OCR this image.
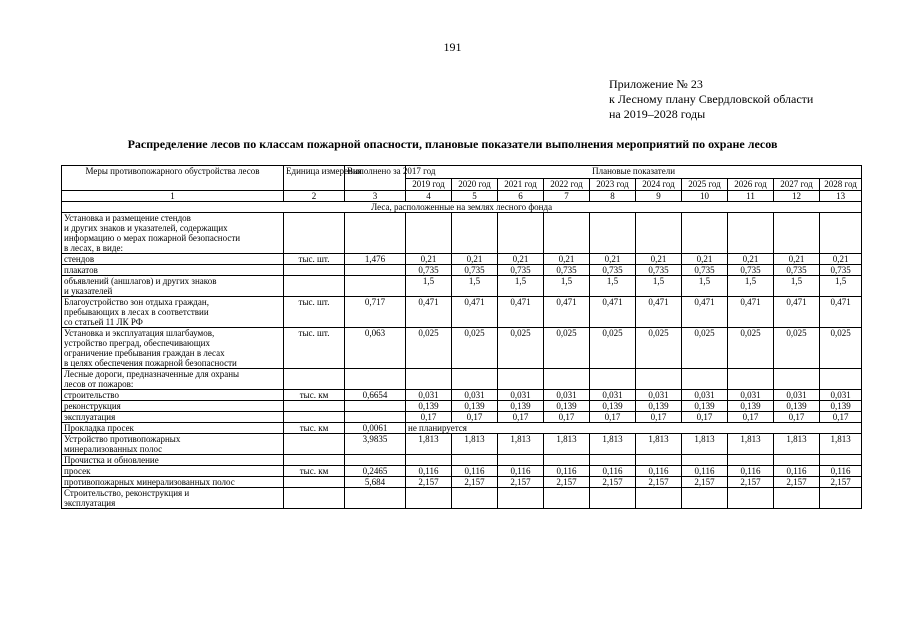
191
Приложение № 23
к Лесному плану Свердловской области
на 2019–2028 годы
Распределение лесов по классам пожарной опасности, плановые показатели выполнения мероприятий по охране лесов
Меры противопожарного обустройства лесов	Единица измерения	Выполнено за 2017 год	Плановые показатели									
			2019 год	2020 год	2021 год	2022 год	2023 год	2024 год	2025 год	2026 год	2027 год	2028 год
1	2	3	4	5	6	7	8	9	10	11	12	13
Леса, расположенные на землях лесного фонда												

Установка и размещение стендов
и других знаков и указателей, содержащих
информацию о мерах пожарной безопасности
в лесах, в виде:												

стендов	тыс. шт.	1,476	0,21	0,21	0,21	0,21	0,21	0,21	0,21	0,21	0,21	0,21

плакатов			0,735	0,735	0,735	0,735	0,735	0,735	0,735	0,735	0,735	0,735

объявлений (аншлагов) и других знаков
и указателей			1,5	1,5	1,5	1,5	1,5	1,5	1,5	1,5	1,5	1,5

Благоустройство зон отдыха граждан,
пребывающих в лесах в соответствии
со статьей 11 ЛК РФ	тыс. шт.	0,717	0,471	0,471	0,471	0,471	0,471	0,471	0,471	0,471	0,471	0,471

Установка и эксплуатация шлагбаумов,
устройство преград, обеспечивающих
ограничение пребывания граждан в лесах
в целях обеспечения пожарной безопасности	тыс. шт.	0,063	0,025	0,025	0,025	0,025	0,025	0,025	0,025	0,025	0,025	0,025

Лесные дороги, предназначенные для охраны
лесов от пожаров:												

строительство	тыс. км	0,6654	0,031	0,031	0,031	0,031	0,031	0,031	0,031	0,031	0,031	0,031

реконструкция			0,139	0,139	0,139	0,139	0,139	0,139	0,139	0,139	0,139	0,139

эксплуатация			0,17	0,17	0,17	0,17	0,17	0,17	0,17	0,17	0,17	0,17

Прокладка просек	тыс. км	0,0061	не планируется									

Устройство противопожарных
минерализованных полос		3,9835	1,813	1,813	1,813	1,813	1,813	1,813	1,813	1,813	1,813	1,813

Прочистка и обновление												

просек	тыс. км	0,2465	0,116	0,116	0,116	0,116	0,116	0,116	0,116	0,116	0,116	0,116

противопожарных минерализованных полос		5,684	2,157	2,157	2,157	2,157	2,157	2,157	2,157	2,157	2,157	2,157

Строительство, реконструкция и
эксплуатация												
